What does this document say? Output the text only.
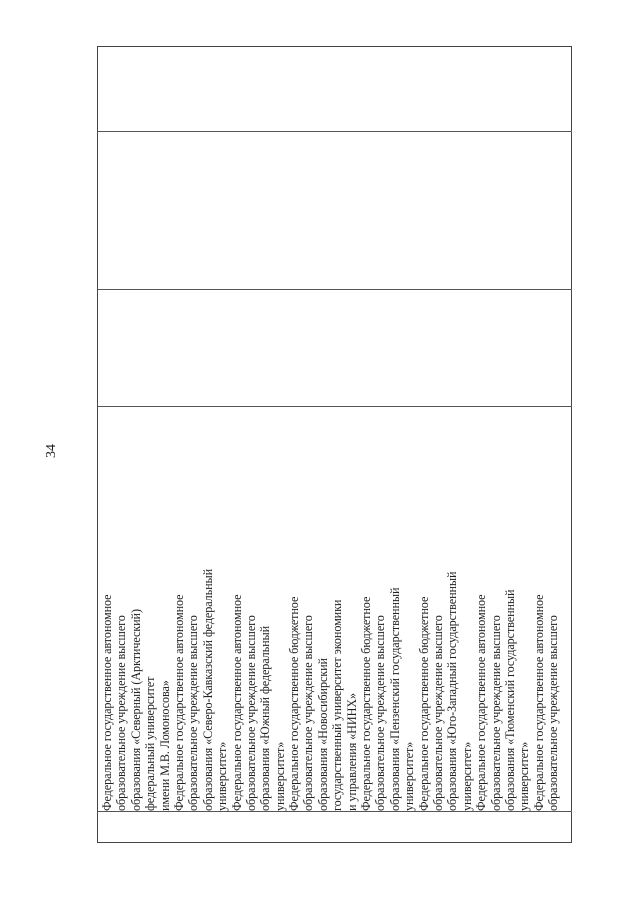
34
Федеральное государственное автономное образовательное учреждение высшего образования «Северный (Арктический) федеральный университет имени М.В. Ломоносова» Федеральное государственное автономное образовательное учреждение высшего образования «Северо-Кавказский федеральный университет» Федеральное государственное автономное образовательное учреждение высшего образования «Южный федеральный университет» Федеральное государственное бюджетное образовательное учреждение высшего образования «Новосибирский государственный университет экономики и управления «НИНХ» Федеральное государственное бюджетное образовательное учреждение высшего образования «Пензенский государственный университет» Федеральное государственное бюджетное образовательное учреждение высшего образования «Юго-Западный государственный университет» Федеральное государственное автономное образовательное учреждение высшего образования «Тюменский государственный университет» Федеральное государственное автономное образовательное учреждение высшего
